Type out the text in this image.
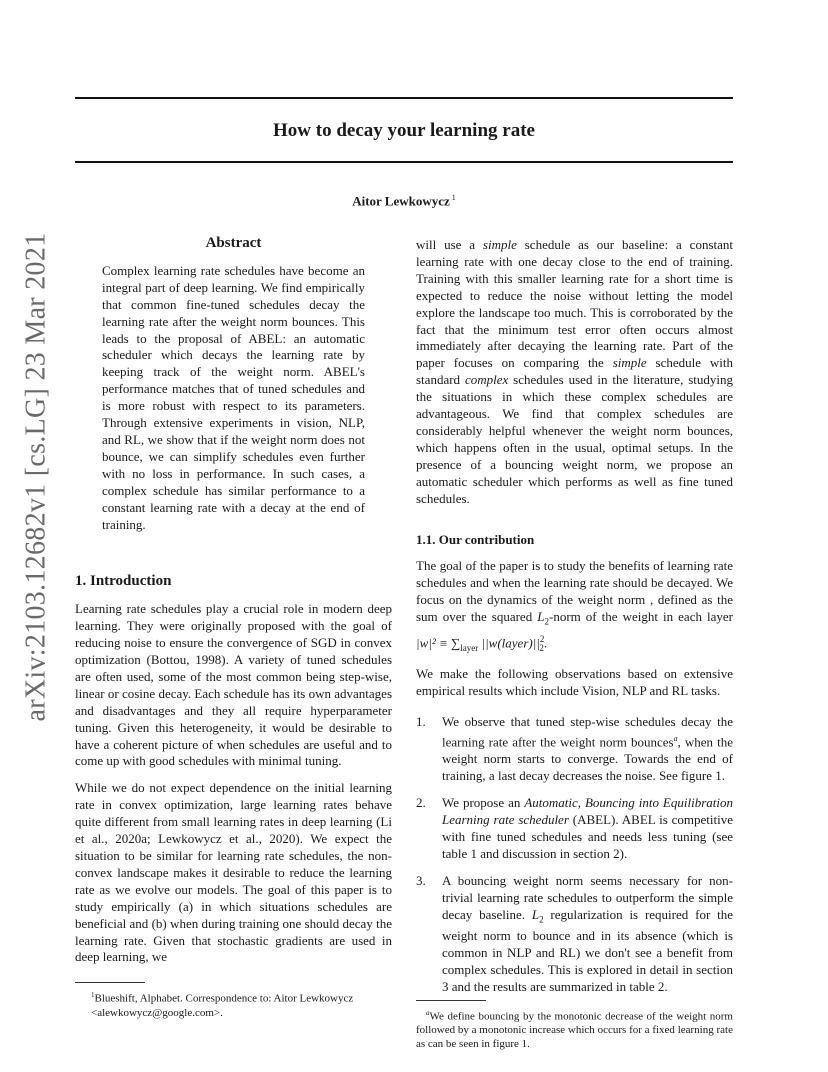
How to decay your learning rate
Aitor Lewkowycz $^1$
arXiv:2103.12682v1 [cs.LG] 23 Mar 2021	Abstract

Complex learning rate schedules have become an integral part of deep learning. We find empirically that common fine-tuned schedules decay the learning rate after the weight norm bounces. This leads to the proposal of ABEL: an automatic scheduler which decays the learning rate by keeping track of the weight norm. ABEL's performance matches that of tuned schedules and is more robust with respect to its parameters. Through extensive experiments in vision, NLP, and RL, we show that if the weight norm does not bounce, we can simplify schedules even further with no loss in performance. In such cases, a complex schedule has similar performance to a constant learning rate with a decay at the end of training.

1. Introduction

Learning rate schedules play a crucial role in modern deep learning. They were originally proposed with the goal of reducing noise to ensure the convergence of SGD in convex optimization (Bottou, 1998). A variety of tuned schedules are often used, some of the most common being step-wise, linear or cosine decay. Each schedule has its own advantages and disadvantages and they all require hyperparameter tuning. Given this heterogeneity, it would be desirable to have a coherent picture of when schedules are useful and to come up with good schedules with minimal tuning.

While we do not expect dependence on the initial learning rate in convex optimization, large learning rates behave quite different from small learning rates in deep learning (Li et al., 2020a; Lewkowycz et al., 2020). We expect the situation to be similar for learning rate schedules, the non-convex landscape makes it desirable to reduce the learning rate as we evolve our models. The goal of this paper is to study empirically (a) in which situations schedules are beneficial and (b) when during training one should decay the learning rate. Given that stochastic gradients are used in deep learning, we

$^1$Blueshift, Alphabet. Correspondence to: Aitor Lewkowycz <alewkowycz@google.com>.

will use a simple schedule as our baseline: a constant learning rate with one decay close to the end of training. Training with this smaller learning rate for a short time is expected to reduce the noise without letting the model explore the landscape too much. This is corroborated by the fact that the minimum test error often occurs almost immediately after decaying the learning rate. Part of the paper focuses on comparing the simple schedule with standard complex schedules used in the literature, studying the situations in which these complex schedules are advantageous. We find that complex schedules are considerably helpful whenever the weight norm bounces, which happens often in the usual, optimal setups. In the presence of a bouncing weight norm, we propose an automatic scheduler which performs as well as fine tuned schedules.

1.1. Our contribution

The goal of the paper is to study the benefits of learning rate schedules and when the learning rate should be decayed. We focus on the dynamics of the weight norm , defined as the sum over the squared $L_2$-norm of the weight in each layer $|w|^2 \equiv \sum_{layer}$ $||w(layer)||^2_2$.

We make the following observations based on extensive empirical results which include Vision, NLP and RL tasks.

1.	We observe that tuned step-wise schedules decay the learning rate after the weight norm bounces$^a$, when the weight norm starts to converge. Towards the end of training, a last decay decreases the noise. See figure 1.
2.	We propose an Automatic, Bouncing into Equilibration Learning rate scheduler (ABEL). ABEL is competitive with fine tuned schedules and needs less tuning (see table 1 and discussion in section 2).
3.	A bouncing weight norm seems necessary for non-trivial learning rate schedules to outperform the simple decay baseline. $L_2$ regularization is required for the weight norm to bounce and in its absence (which is common in NLP and RL) we don't see a benefit from complex schedules. This is explored in detail in section 3 and the results are summarized in table 2.
$^a$We define bouncing by the monotonic decrease of the weight norm followed by a monotonic increase which occurs for a fixed learning rate as can be seen in figure 1.
